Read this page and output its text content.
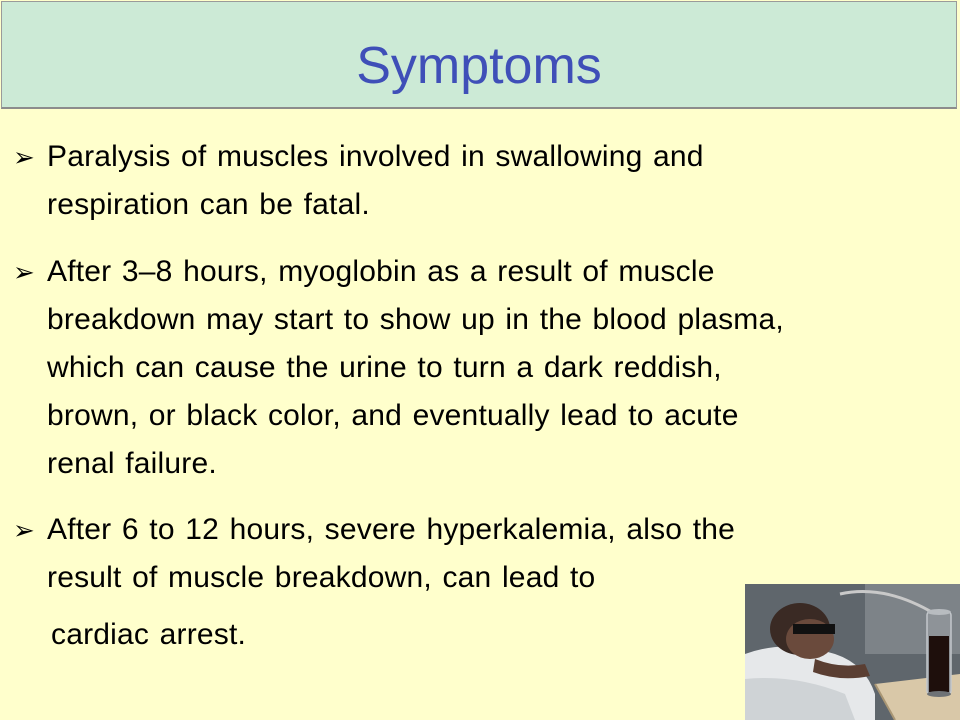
Symptoms
➢ Paralysis of muscles involved in swallowing and
respiration can be fatal.
➢ After 3–8 hours, myoglobin as a result of muscle
breakdown may start to show up in the blood plasma,
which can cause the urine to turn a dark reddish,
brown, or black color, and eventually lead to acute
renal failure.
➢ After 6 to 12 hours, severe hyperkalemia, also the
result of muscle breakdown, can lead to
cardiac arrest.
